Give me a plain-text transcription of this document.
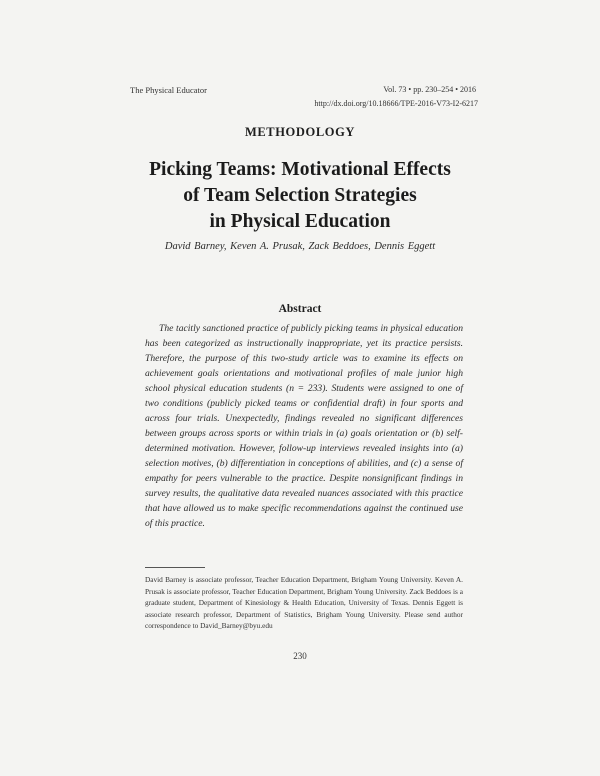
The Physical Educator	Vol. 73 • pp. 230–254 • 2016
http://dx.doi.org/10.18666/TPE-2016-V73-I2-6217
METHODOLOGY
Picking Teams: Motivational Effects
of Team Selection Strategies
in Physical Education
David Barney, Keven A. Prusak, Zack Beddoes, Dennis Eggett
Abstract
The tacitly sanctioned practice of publicly picking teams in physical education has been categorized as instructionally inappropriate, yet its practice persists. Therefore, the purpose of this two-study article was to examine its effects on achievement goals orientations and motivational profiles of male junior high school physical education students (n = 233). Students were assigned to one of two conditions (publicly picked teams or confidential draft) in four sports and across four trials. Unexpectedly, findings revealed no significant differences between groups across sports or within trials in (a) goals orientation or (b) self-determined motivation. However, follow-up interviews revealed insights into (a) selection motives, (b) differentiation in conceptions of abilities, and (c) a sense of empathy for peers vulnerable to the practice. Despite nonsignificant findings in survey results, the qualitative data revealed nuances associated with this practice that have allowed us to make specific recommendations against the continued use of this practice.
David Barney is associate professor, Teacher Education Department, Brigham Young University. Keven A. Prusak is associate professor, Teacher Education Department, Brigham Young University. Zack Beddoes is a graduate student, Department of Kinesiology & Health Education, University of Texas. Dennis Eggett is associate research professor, Department of Statistics, Brigham Young University. Please send author correspondence to David_Barney@byu.edu
230
